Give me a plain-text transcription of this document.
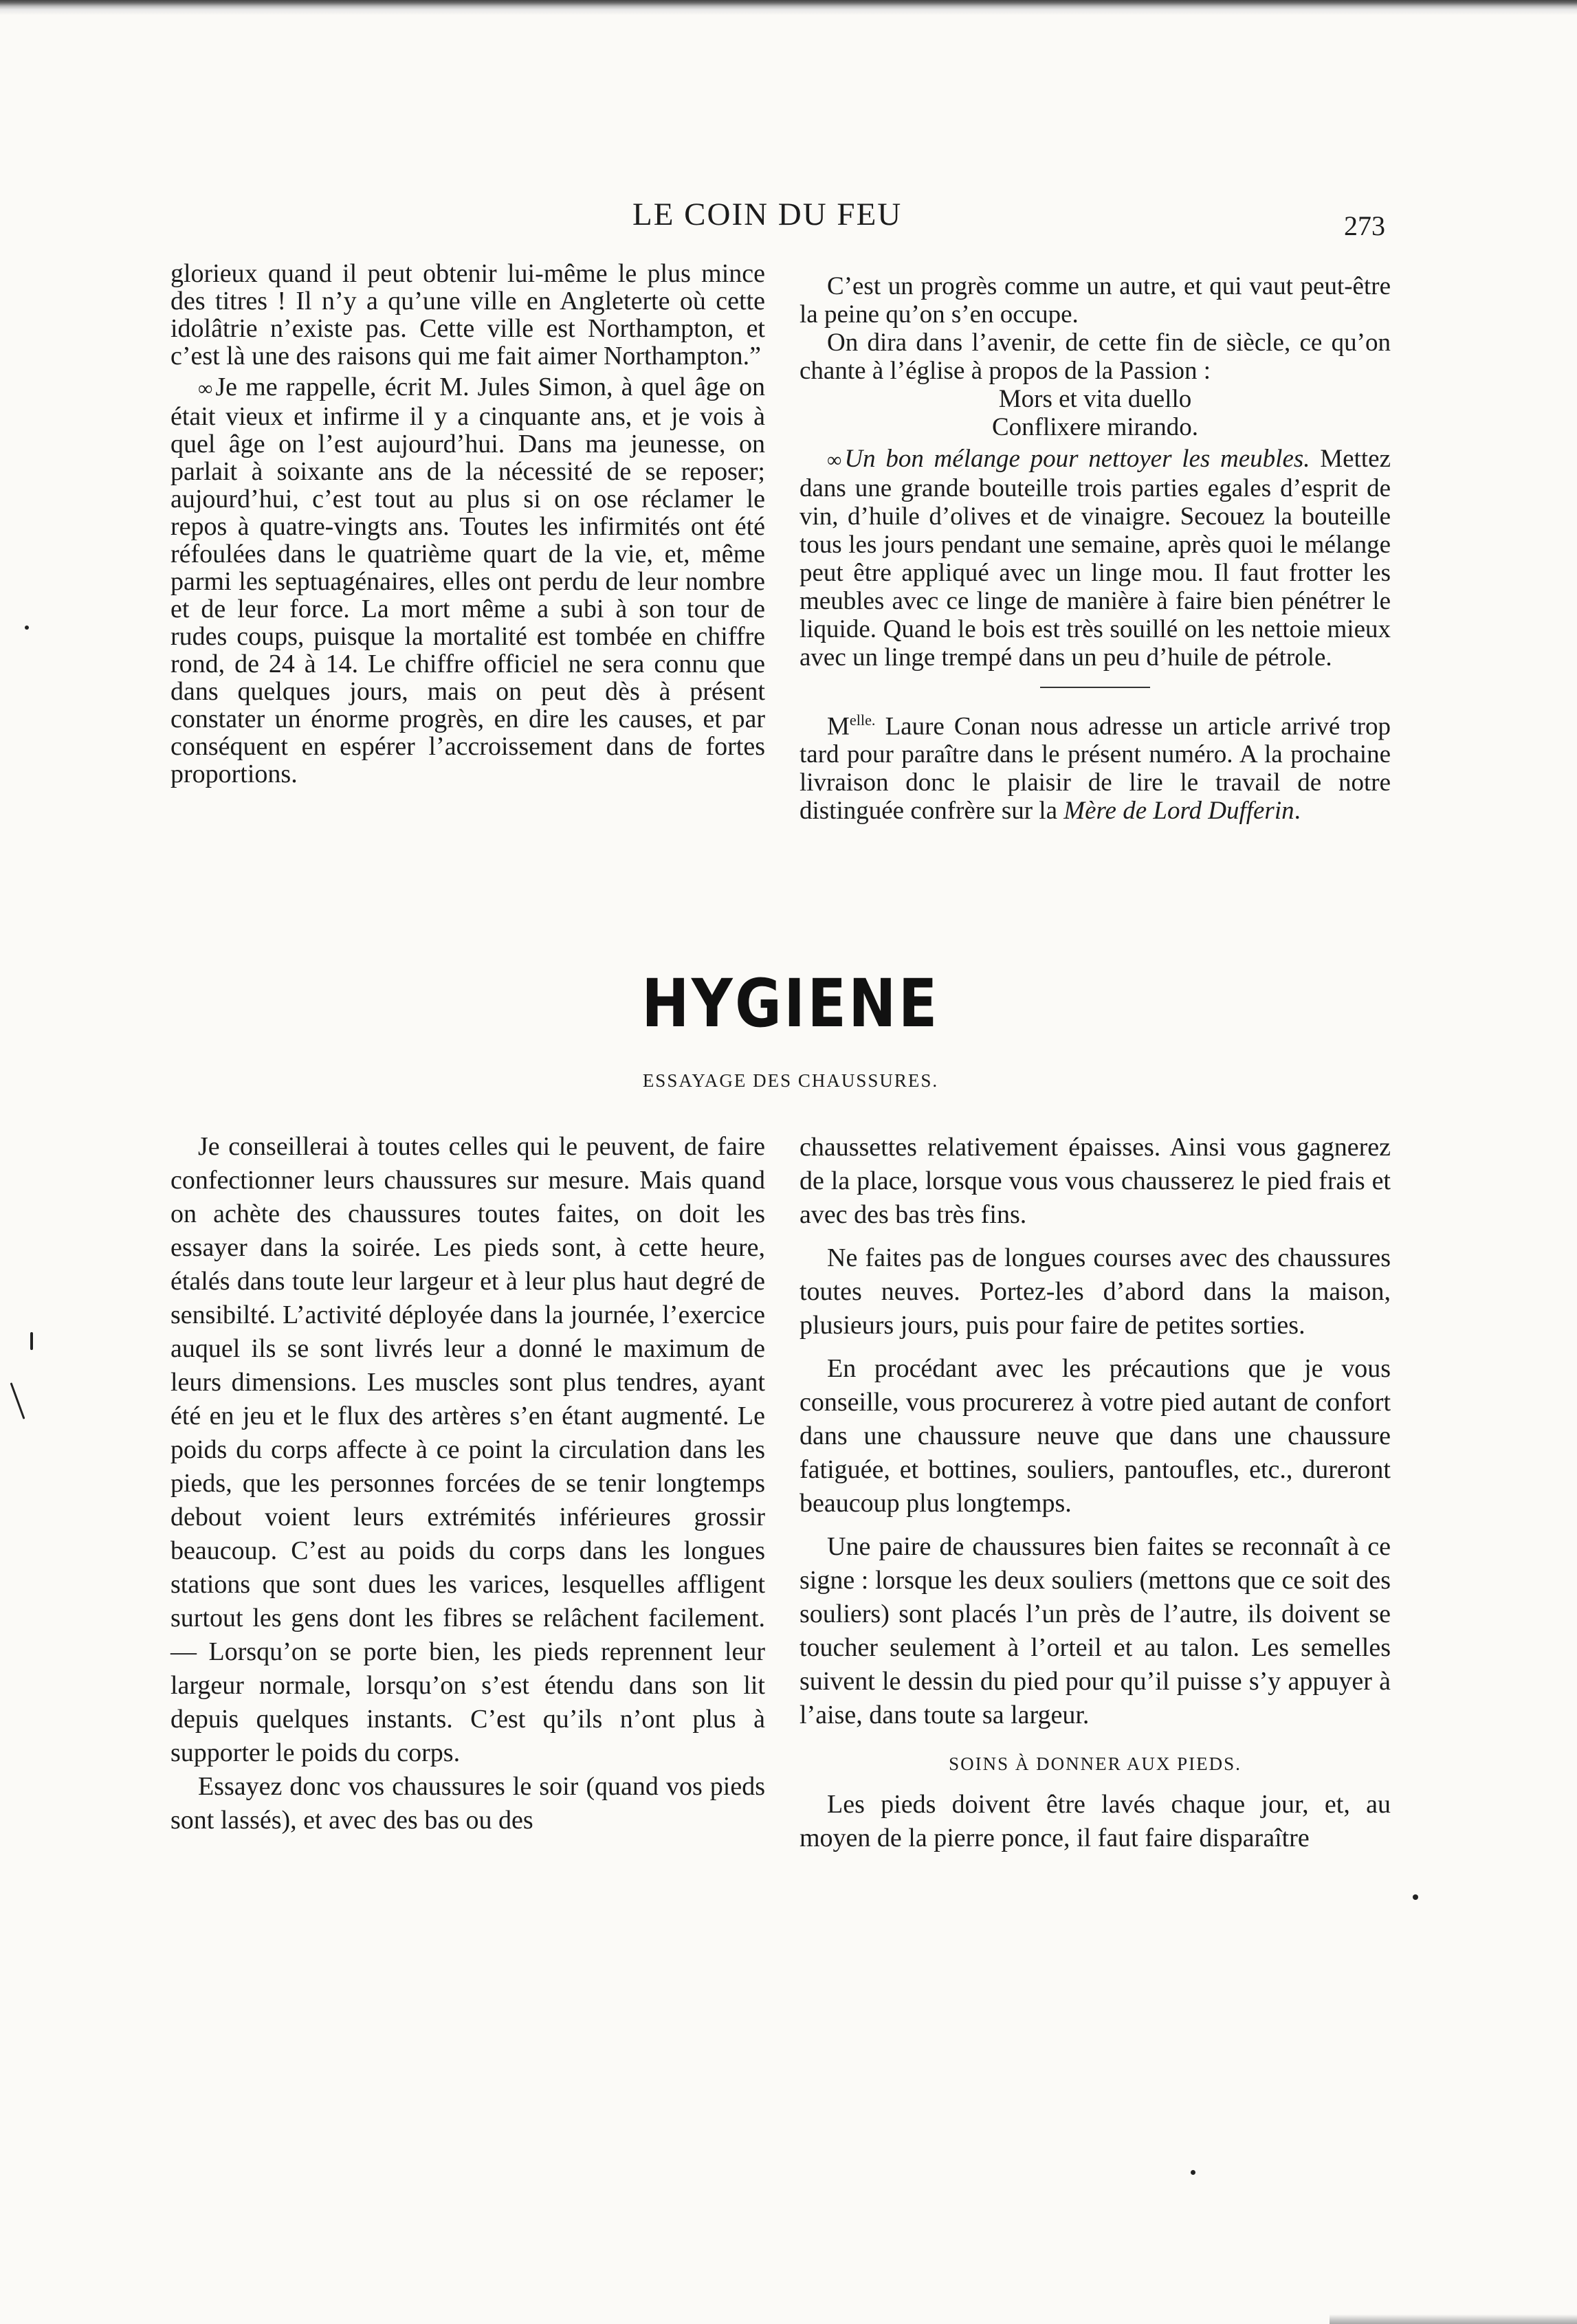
LE COIN DU FEU	273

glorieux quand il peut obtenir lui-même le plus mince des titres ! Il n’y a qu’une ville en Angleterte où cette idolâtrie n’existe pas. Cette ville est Northampton, et c’est là une des raisons qui me fait aimer Northampton.”

∞ Je me rappelle, écrit M. Jules Simon, à quel âge on était vieux et infirme il y a cinquante ans, et je vois à quel âge on l’est aujourd’hui. Dans ma jeunesse, on parlait à soixante ans de la nécessité de se reposer; aujourd’hui, c’est tout au plus si on ose réclamer le repos à quatre-vingts ans. Toutes les infirmités ont été réfoulées dans le quatrième quart de la vie, et, même parmi les septuagénaires, elles ont perdu de leur nombre et de leur force. La mort même a subi à son tour de rudes coups, puisque la mortalité est tombée en chiffre rond, de 24 à 14. Le chiffre officiel ne sera connu que dans quelques jours, mais on peut dès à présent constater un énorme progrès, en dire les causes, et par conséquent en espérer l’accroissement dans de fortes proportions.

C’est un progrès comme un autre, et qui vaut peut-être la peine qu’on s’en occupe.

On dira dans l’avenir, de cette fin de siècle, ce qu’on chante à l’église à propos de la Passion :

Mors et vita duello

Conflixere mirando.

∞ Un bon mélange pour nettoyer les meubles. Mettez dans une grande bouteille trois parties egales d’esprit de vin, d’huile d’olives et de vinaigre. Secouez la bouteille tous les jours pendant une semaine, après quoi le mélange peut être appliqué avec un linge mou. Il faut frotter les meubles avec ce linge de manière à faire bien pénétrer le liquide. Quand le bois est très souillé on les nettoie mieux avec un linge trempé dans un peu d’huile de pétrole.

$M^{elle.}$ Laure Conan nous adresse un article arrivé trop tard pour paraître dans le présent numéro. A la prochaine livraison donc le plaisir de lire le travail de notre distinguée confrère sur la Mère de Lord Dufferin.

HYGIENE
ESSAYAGE DES CHAUSSURES.

Je conseillerai à toutes celles qui le peuvent, de faire confectionner leurs chaussures sur mesure. Mais quand on achète des chaussures toutes faites, on doit les essayer dans la soirée. Les pieds sont, à cette heure, étalés dans toute leur largeur et à leur plus haut degré de sensibilté. L’activité déployée dans la journée, l’exercice auquel ils se sont livrés leur a donné le maximum de leurs dimensions. Les muscles sont plus tendres, ayant été en jeu et le flux des artères s’en étant augmenté. Le poids du corps affecte à ce point la circulation dans les pieds, que les personnes forcées de se tenir longtemps debout voient leurs extrémités inférieures grossir beaucoup. C’est au poids du corps dans les longues stations que sont dues les varices, lesquelles affligent surtout les gens dont les fibres se relâchent facilement.— Lorsqu’on se porte bien, les pieds reprennent leur largeur normale, lorsqu’on s’est étendu dans son lit depuis quelques instants. C’est qu’ils n’ont plus à supporter le poids du corps.

Essayez donc vos chaussures le soir (quand vos pieds sont lassés), et avec des bas ou des

chaussettes relativement épaisses. Ainsi vous gagnerez de la place, lorsque vous vous chausserez le pied frais et avec des bas très fins.

Ne faites pas de longues courses avec des chaussures toutes neuves. Portez-les d’abord dans la maison, plusieurs jours, puis pour faire de petites sorties.

En procédant avec les précautions que je vous conseille, vous procurerez à votre pied autant de confort dans une chaussure neuve que dans une chaussure fatiguée, et bottines, souliers, pantoufles, etc., dureront beaucoup plus longtemps.

Une paire de chaussures bien faites se reconnaît à ce signe : lorsque les deux souliers (mettons que ce soit des souliers) sont placés l’un près de l’autre, ils doivent se toucher seulement à l’orteil et au talon. Les semelles suivent le dessin du pied pour qu’il puisse s’y appuyer à l’aise, dans toute sa largeur.

SOINS À DONNER AUX PIEDS.

Les pieds doivent être lavés chaque jour, et, au moyen de la pierre ponce, il faut faire disparaître
